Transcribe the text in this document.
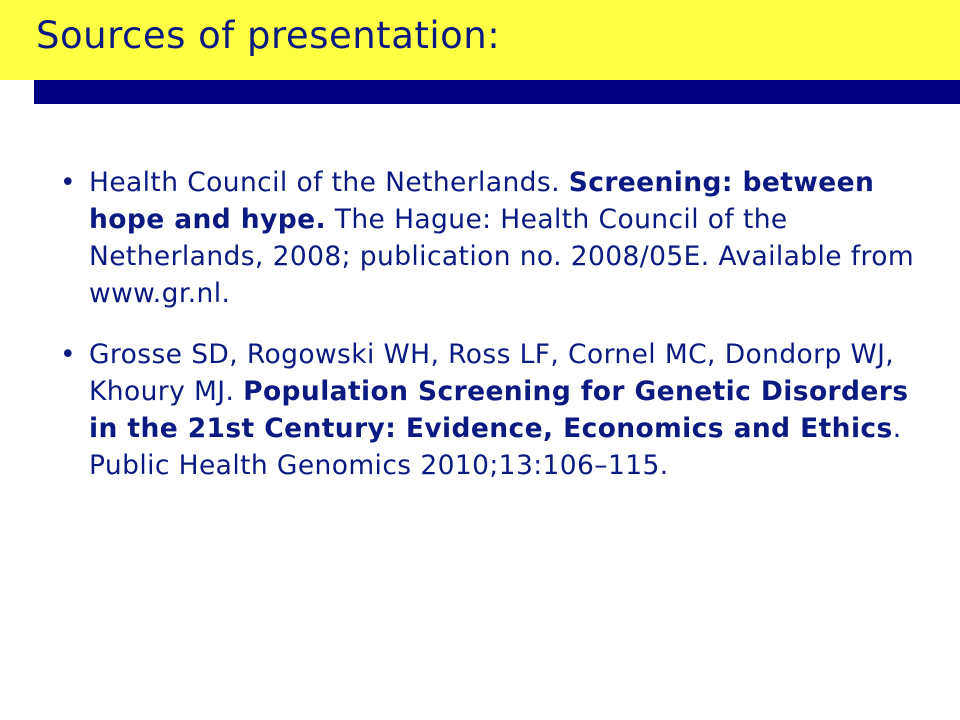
Sources of presentation:
• Health Council of the Netherlands. Screening: between hope and hype. The Hague: Health Council of the Netherlands, 2008; publication no. 2008/05E. Available from www.gr.nl.
• Grosse SD, Rogowski WH, Ross LF, Cornel MC, Dondorp WJ, Khoury MJ. Population Screening for Genetic Disorders in the 21st Century: Evidence, Economics and Ethics. Public Health Genomics 2010;13:106–115.
